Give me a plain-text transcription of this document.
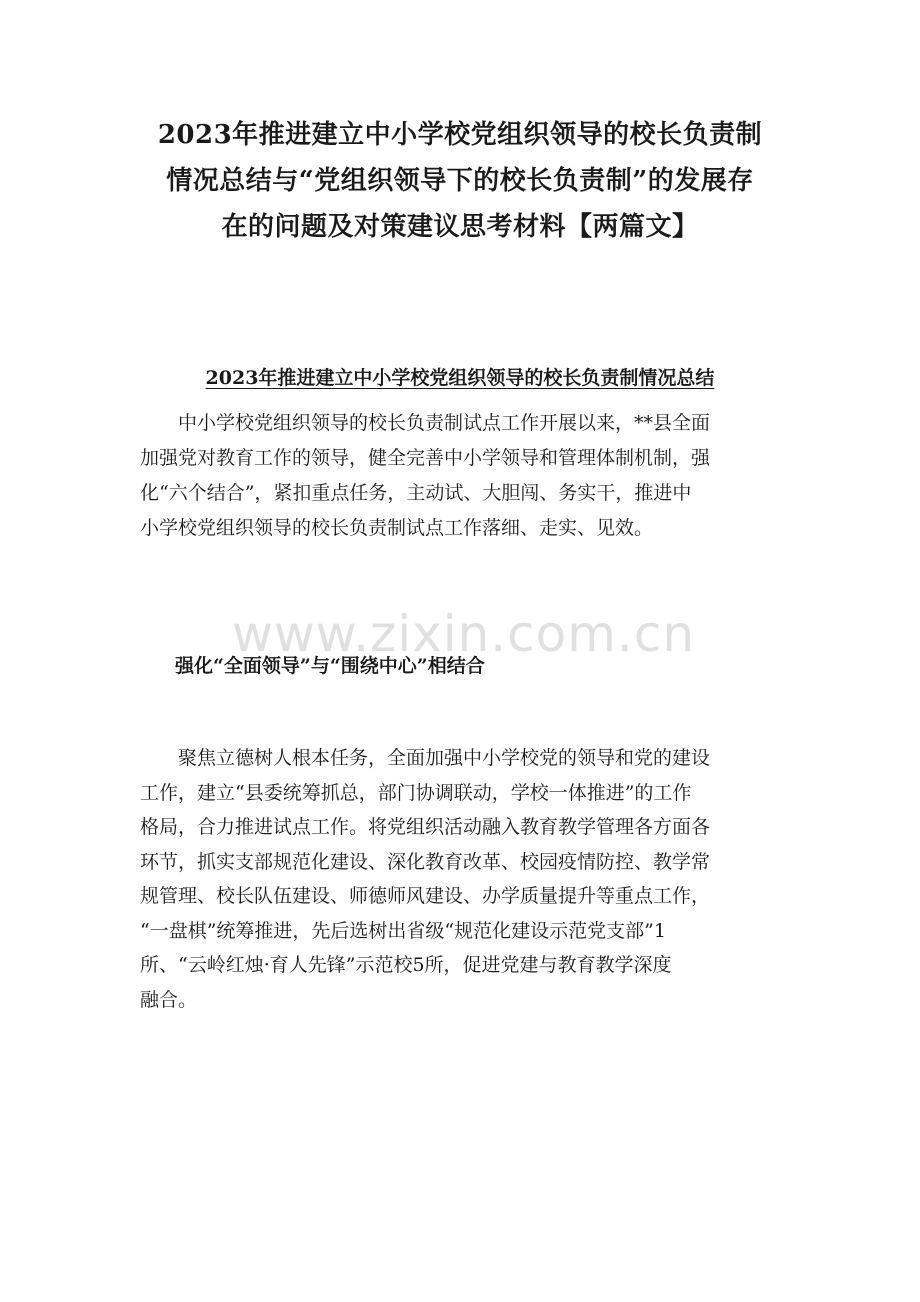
2023年推进建立中小学校党组织领导的校长负责制
情况总结与“党组织领导下的校长负责制”的发展存
在的问题及对策建议思考材料【两篇文】
2023年推进建立中小学校党组织领导的校长负责制情况总结
　　中小学校党组织领导的校长负责制试点工作开展以来，**县全面
加强党对教育工作的领导，健全完善中小学领导和管理体制机制，强
化“六个结合”，紧扣重点任务，主动试、大胆闯、务实干，推进中
小学校党组织领导的校长负责制试点工作落细、走实、见效。
www.zixin.com.cn
强化“全面领导”与“围绕中心”相结合
　　聚焦立德树人根本任务，全面加强中小学校党的领导和党的建设
工作，建立“县委统筹抓总，部门协调联动，学校一体推进”的工作
格局，合力推进试点工作。将党组织活动融入教育教学管理各方面各
环节，抓实支部规范化建设、深化教育改革、校园疫情防控、教学常
规管理、校长队伍建设、师德师风建设、办学质量提升等重点工作，
“一盘棋”统筹推进，先后选树出省级“规范化建设示范党支部”1
所、“云岭红烛·育人先锋”示范校5所，促进党建与教育教学深度
融合。
